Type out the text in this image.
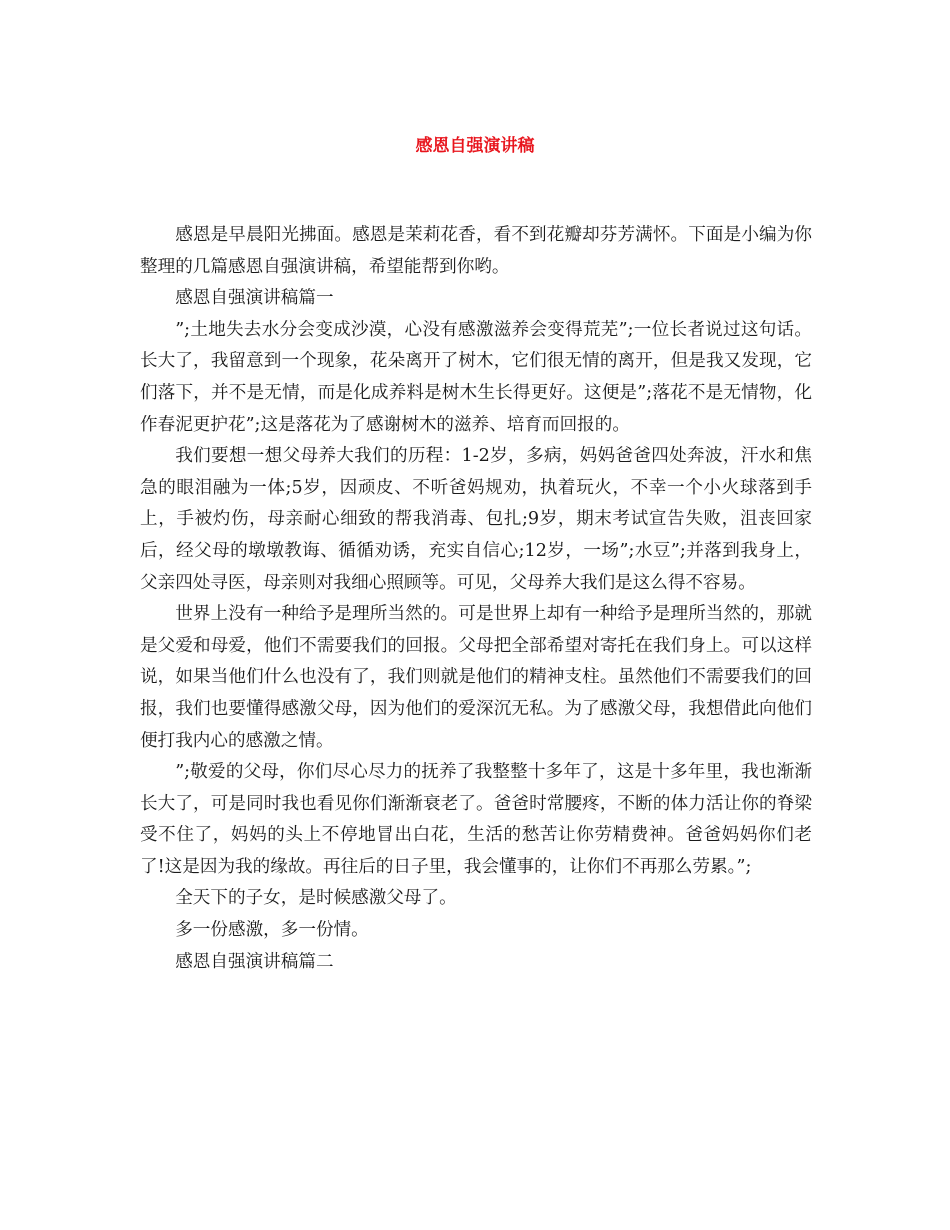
感恩自强演讲稿

感恩是早晨阳光拂面。感恩是茉莉花香，看不到花瓣却芬芳满怀。下面是小编为你整理的几篇感恩自强演讲稿，希望能帮到你哟。

感恩自强演讲稿篇一

”;土地失去水分会变成沙漠，心没有感激滋养会变得荒芜”;一位长者说过这句话。长大了，我留意到一个现象，花朵离开了树木，它们很无情的离开，但是我又发现，它们落下，并不是无情，而是化成养料是树木生长得更好。这便是”;落花不是无情物，化作春泥更护花”;这是落花为了感谢树木的滋养、培育而回报的。

我们要想一想父母养大我们的历程：1-2岁，多病，妈妈爸爸四处奔波，汗水和焦急的眼泪融为一体;5岁，因顽皮、不听爸妈规劝，执着玩火，不幸一个小火球落到手上，手被灼伤，母亲耐心细致的帮我消毒、包扎;9岁，期末考试宣告失败，沮丧回家后，经父母的墩墩教诲、循循劝诱，充实自信心;12岁，一场”;水豆”;并落到我身上，父亲四处寻医，母亲则对我细心照顾等。可见，父母养大我们是这么得不容易。

世界上没有一种给予是理所当然的。可是世界上却有一种给予是理所当然的，那就是父爱和母爱，他们不需要我们的回报。父母把全部希望对寄托在我们身上。可以这样说，如果当他们什么也没有了，我们则就是他们的精神支柱。虽然他们不需要我们的回报，我们也要懂得感激父母，因为他们的爱深沉无私。为了感激父母，我想借此向他们便打我内心的感激之情。

”;敬爱的父母，你们尽心尽力的抚养了我整整十多年了，这是十多年里，我也渐渐长大了，可是同时我也看见你们渐渐衰老了。爸爸时常腰疼，不断的体力活让你的脊梁受不住了，妈妈的头上不停地冒出白花，生活的愁苦让你劳精费神。爸爸妈妈你们老了!这是因为我的缘故。再往后的日子里，我会懂事的，让你们不再那么劳累。”;

全天下的子女，是时候感激父母了。

多一份感激，多一份情。

感恩自强演讲稿篇二
